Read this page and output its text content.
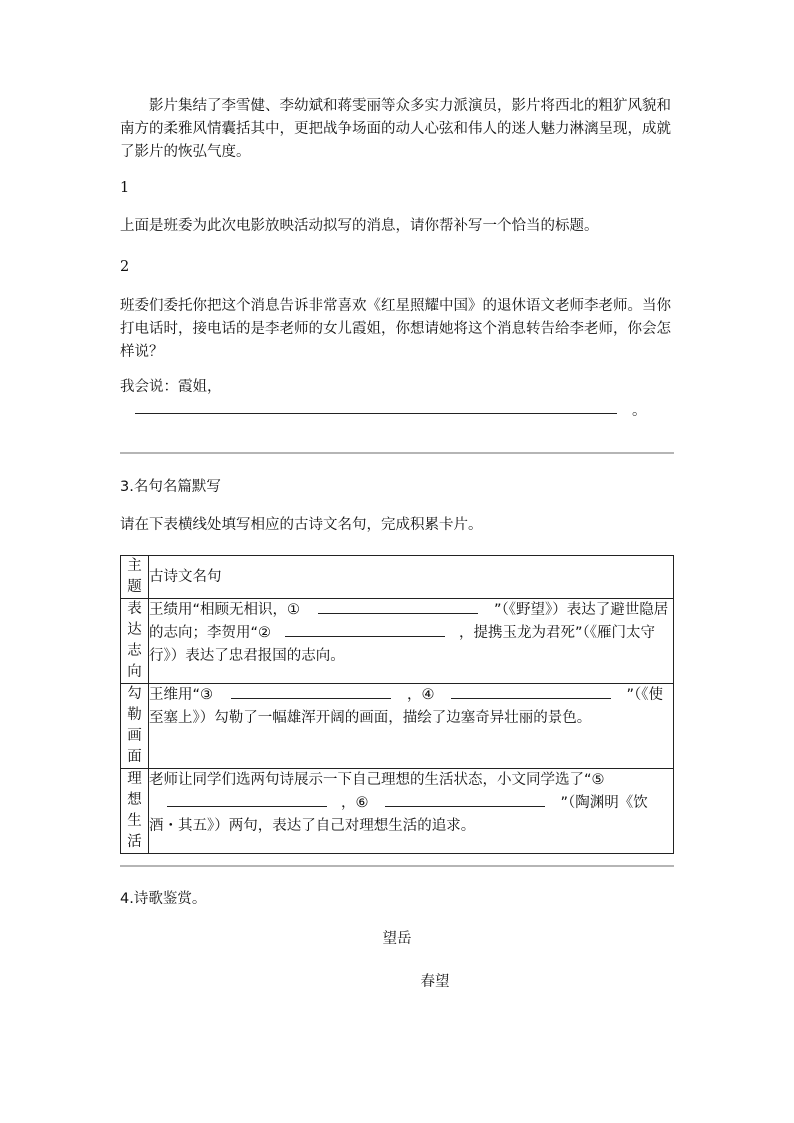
影片集结了李雪健、李幼斌和蒋雯丽等众多实力派演员，影片将西北的粗犷风貌和南方的柔雅风情囊括其中，更把战争场面的动人心弦和伟人的迷人魅力淋漓呈现，成就了影片的恢弘气度。

1

上面是班委为此次电影放映活动拟写的消息，请你帮补写一个恰当的标题。

2

班委们委托你把这个消息告诉非常喜欢《红星照耀中国》的退休语文老师李老师。当你打电话时，接电话的是李老师的女儿霞姐，你想请她将这个消息转告给李老师，你会怎样说？

我会说：霞姐，

。

3.名句名篇默写

请在下表横线处填写相应的古诗文名句，完成积累卡片。

主题	古诗文名句
表达志向	王绩用“相顾无相识，① ”（《野望》）表达了避世隐居的志向；李贺用“② ，提携玉龙为君死”（《雁门太守行》）表达了忠君报国的志向。
勾勒画面	王维用“③ ，④ ”（《使至塞上》）勾勒了一幅雄浑开阔的画面，描绘了边塞奇异壮丽的景色。
理想生活	老师让同学们选两句诗展示一下自己理想的生活状态，小文同学选了“⑤，⑥ ”（陶渊明《饮酒・其五》）两句，表达了自己对理想生活的追求。

4.诗歌鉴赏。

望岳

春望
